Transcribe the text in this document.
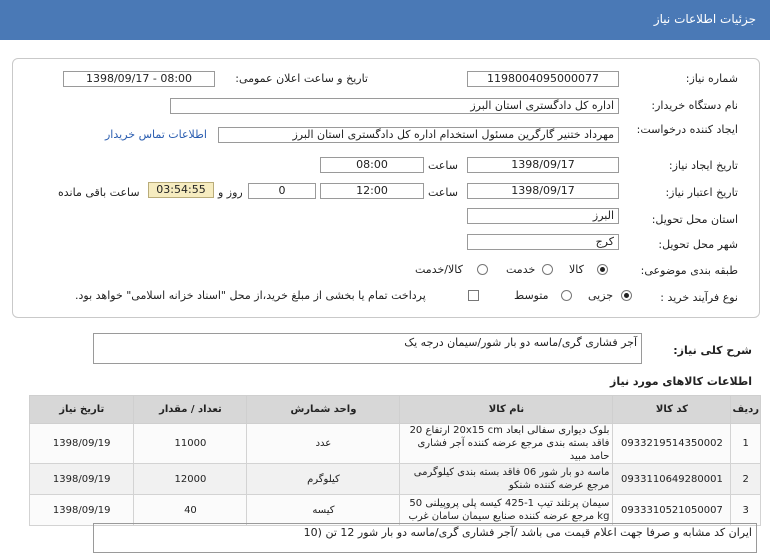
جزئیات اطلاعات نیاز
شماره نیاز:
1198004095000077
تاریخ و ساعت اعلان عمومی:
1398/09/17 - 08:00
نام دستگاه خریدار:
اداره کل دادگستری استان البرز
ایجاد کننده درخواست:
مهرداد ختنیر گارگرین مسئول استخدام اداره کل دادگستری استان البرز
اطلاعات تماس خریدار
تاریخ ایجاد نیاز:
1398/09/17
ساعت
08:00
تاریخ اعتبار نیاز:
1398/09/17
ساعت
12:00
0
روز و
03:54:55
ساعت باقی مانده
استان محل تحویل:
البرز
شهر محل تحویل:
کرج
طبقه بندی موضوعی:
کالا
خدمت
کالا/خدمت
نوع فرآیند خرید :
جزیی
متوسط
پرداخت تمام یا بخشی از مبلغ خرید،از محل "اسناد خزانه اسلامی" خواهد بود.
شرح کلی نیاز:
آجر فشاری گری/ماسه دو بار شور/سیمان درجه یک
اطلاعات کالاهای مورد نیاز
ردیف	کد کالا	نام کالا	واحد شمارش	تعداد / مقدار	تاریخ نیاز
1	0933219514350002	بلوک دیواری سفالی ابعاد 20x15 cm ارتفاع 20 فاقد بسته بندی مرجع عرضه کننده آجر فشاری حامد مبید	عدد	11000	1398/09/19
2	0933110649280001	ماسه دو بار شور 06 فاقد بسته بندی کیلوگرمی مرجع عرضه کننده شنکو	کیلوگرم	12000	1398/09/19
3	0933310521050007	سیمان پرتلند تیپ 1-425 کیسه پلی پروپیلنی 50 kg مرجع عرضه کننده صنایع سیمان سامان غرب	کیسه	40	1398/09/19
ایران کد مشابه و صرفا جهت اعلام قیمت می باشد /آجر فشاری گری/ماسه دو بار شور 12 تن (10
